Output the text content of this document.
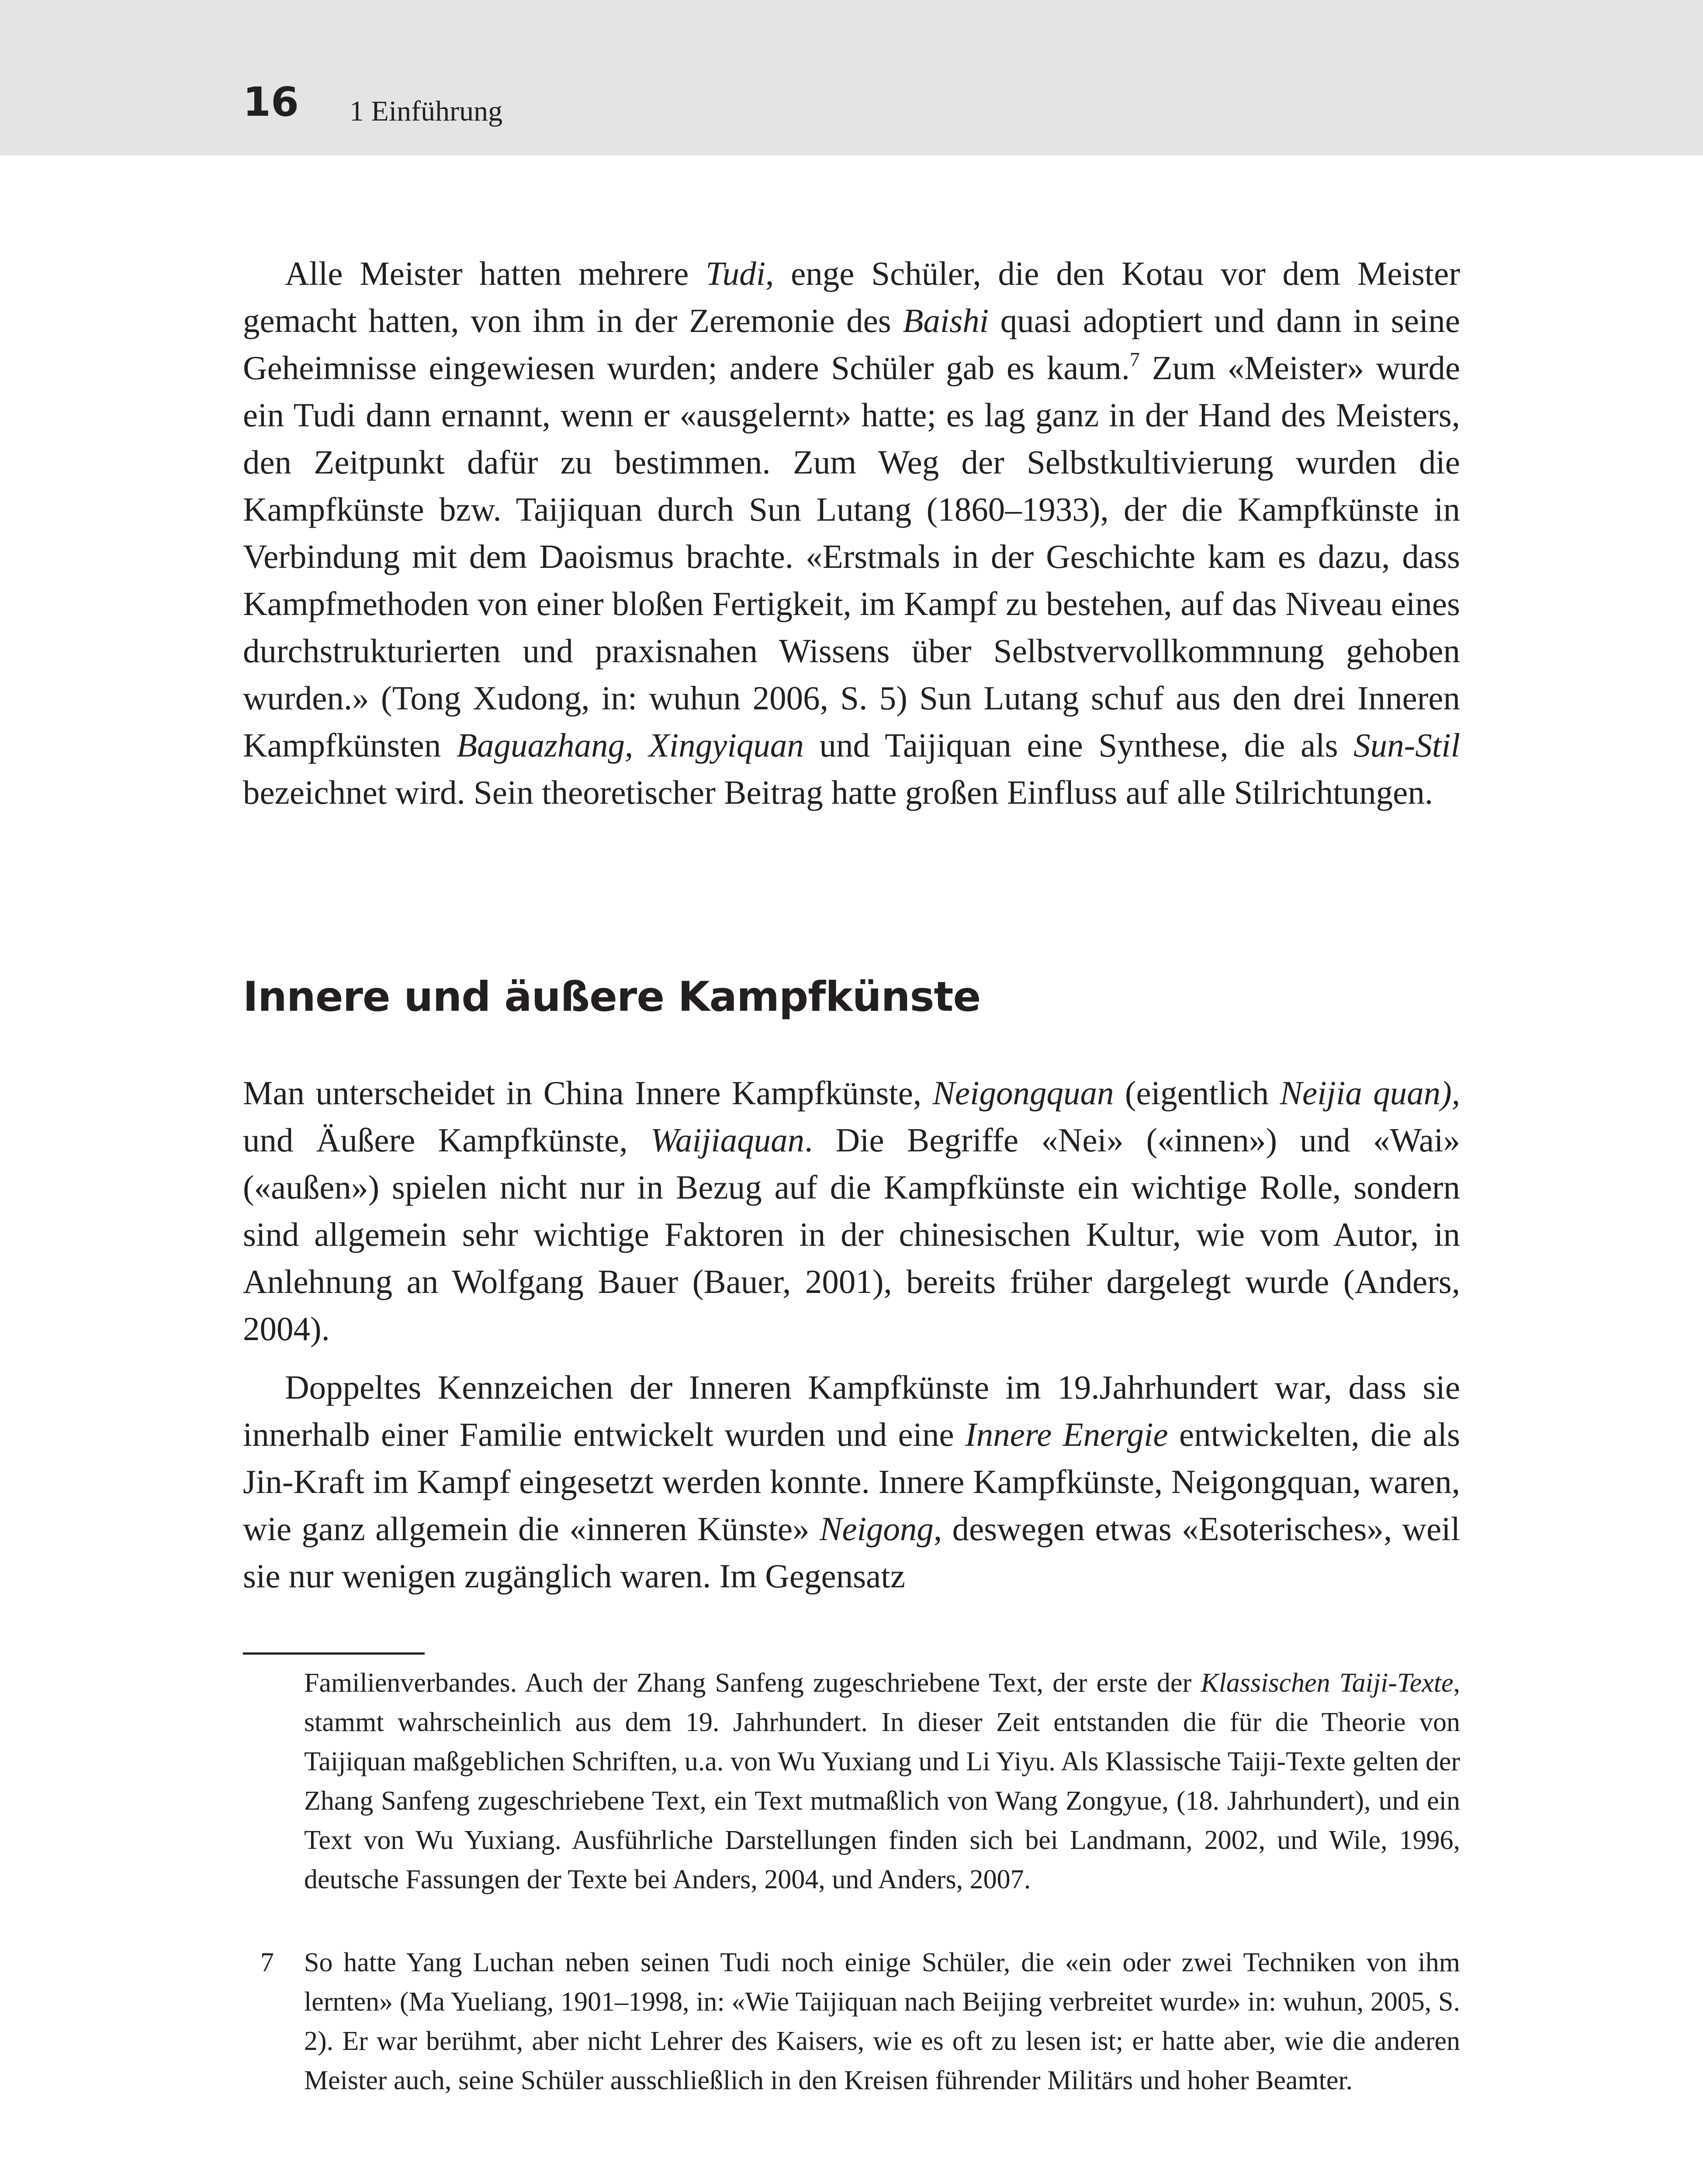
16 1 Einführung

Alle Meister hatten mehrere Tudi, enge Schüler, die den Kotau vor dem Meister gemacht hatten, von ihm in der Zeremonie des Baishi quasi adoptiert und dann in seine Geheimnisse eingewiesen wurden; andere Schüler gab es kaum.$^7$ Zum «Meister» wurde ein Tudi dann ernannt, wenn er «ausgelernt» hatte; es lag ganz in der Hand des Meisters, den Zeitpunkt dafür zu bestimmen. Zum Weg der Selbstkultivierung wurden die Kampfkünste bzw. Taijiquan durch Sun Lutang (1860–1933), der die Kampfkünste in Verbindung mit dem Daoismus brachte. «Erstmals in der Geschichte kam es dazu, dass Kampfmethoden von einer bloßen Fertigkeit, im Kampf zu bestehen, auf das Niveau eines durchstrukturierten und praxisnahen Wissens über Selbstvervollkommnung gehoben wurden.» (Tong Xudong, in: wuhun 2006, S. 5) Sun Lutang schuf aus den drei Inneren Kampfkünsten Baguazhang, Xingyiquan und Taijiquan eine Synthese, die als Sun-Stil bezeichnet wird. Sein theoretischer Beitrag hatte großen Einfluss auf alle Stilrichtungen.

Innere und äußere Kampfkünste

Man unterscheidet in China Innere Kampfkünste, Neigongquan (eigentlich Neijia quan), und Äußere Kampfkünste, Waijiaquan. Die Begriffe «Nei» («innen») und «Wai» («außen») spielen nicht nur in Bezug auf die Kampfkünste ein wichtige Rolle, sondern sind allgemein sehr wichtige Faktoren in der chinesischen Kultur, wie vom Autor, in Anlehnung an Wolfgang Bauer (Bauer, 2001), bereits früher dargelegt wurde (Anders, 2004).

Doppeltes Kennzeichen der Inneren Kampfkünste im 19.Jahrhundert war, dass sie innerhalb einer Familie entwickelt wurden und eine Innere Energie entwickelten, die als Jin-Kraft im Kampf eingesetzt werden konnte. Innere Kampfkünste, Neigongquan, waren, wie ganz allgemein die «inneren Künste» Neigong, deswegen etwas «Esoterisches», weil sie nur wenigen zugänglich waren. Im Gegensatz

Familienverbandes. Auch der Zhang Sanfeng zugeschriebene Text, der erste der Klassischen Taiji-Texte, stammt wahrscheinlich aus dem 19. Jahrhundert. In dieser Zeit entstanden die für die Theorie von Taijiquan maßgeblichen Schriften, u.a. von Wu Yuxiang und Li Yiyu. Als Klassische Taiji-Texte gelten der Zhang Sanfeng zugeschriebene Text, ein Text mutmaßlich von Wang Zongyue, (18. Jahrhundert), und ein Text von Wu Yuxiang. Ausführliche Darstellungen finden sich bei Landmann, 2002, und Wile, 1996, deutsche Fassungen der Texte bei Anders, 2004, und Anders, 2007.

7 So hatte Yang Luchan neben seinen Tudi noch einige Schüler, die «ein oder zwei Techniken von ihm lernten» (Ma Yueliang, 1901–1998, in: «Wie Taijiquan nach Beijing verbreitet wurde» in: wuhun, 2005, S. 2). Er war berühmt, aber nicht Lehrer des Kaisers, wie es oft zu lesen ist; er hatte aber, wie die anderen Meister auch, seine Schüler ausschließlich in den Kreisen führender Militärs und hoher Beamter.
